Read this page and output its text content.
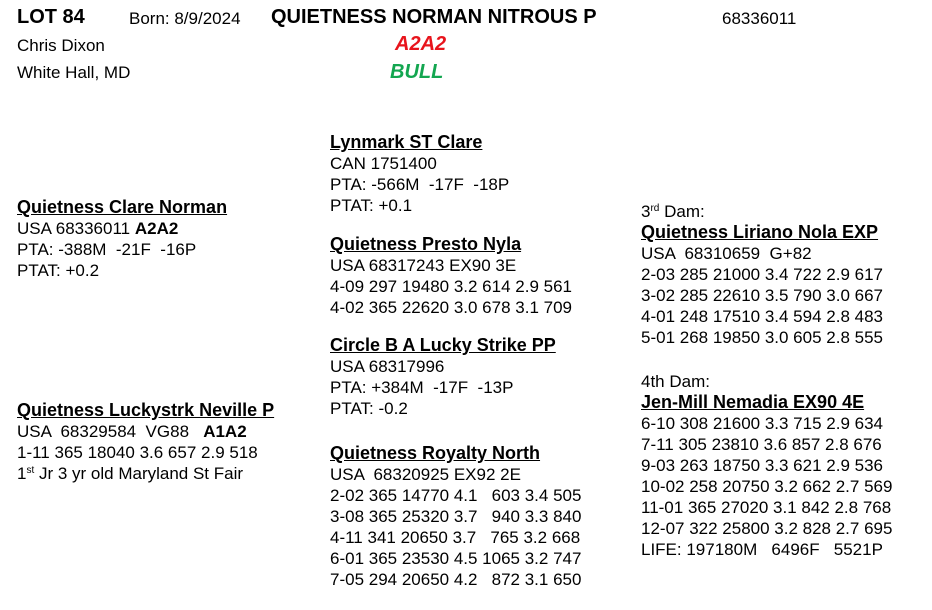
LOT 84	Born: 8/9/2024 QUIETNESS NORMAN NITROUS P	68336011
Chris Dixon
White Hall, MD
A2A2
BULL
Lynmark ST Clare
CAN 1751400
PTA: -566M  -17F  -18P
PTAT: +0.1
Quietness Clare Norman
USA 68336011 A2A2
PTA: -388M  -21F  -16P
PTAT: +0.2
Quietness Presto Nyla
USA 68317243 EX90 3E
4-09 297 19480 3.2 614 2.9 561
4-02 365 22620 3.0 678 3.1 709
3rd Dam:
Quietness Liriano Nola EXP
USA  68310659  G+82
2-03 285 21000 3.4 722 2.9 617
3-02 285 22610 3.5 790 3.0 667
4-01 248 17510 3.4 594 2.8 483
5-01 268 19850 3.0 605 2.8 555
Circle B A Lucky Strike PP
USA 68317996
PTA: +384M  -17F  -13P
PTAT: -0.2
4th Dam:
Jen-Mill Nemadia EX90 4E
6-10 308 21600 3.3 715 2.9 634
7-11 305 23810 3.6 857 2.8 676
9-03 263 18750 3.3 621 2.9 536
10-02 258 20750 3.2 662 2.7 569
11-01 365 27020 3.1 842 2.8 768
12-07 322 25800 3.2 828 2.7 695
LIFE: 197180M   6496F   5521P
Quietness Luckystrk Neville P
USA  68329584  VG88   A1A2
1-11 365 18040 3.6 657 2.9 518
1st Jr 3 yr old Maryland St Fair
Quietness Royalty North
USA  68320925 EX92 2E
2-02 365 14770 4.1   603 3.4 505
3-08 365 25320 3.7   940 3.3 840
4-11 341 20650 3.7   765 3.2 668
6-01 365 23530 4.5 1065 3.2 747
7-05 294 20650 4.2   872 3.1 650
